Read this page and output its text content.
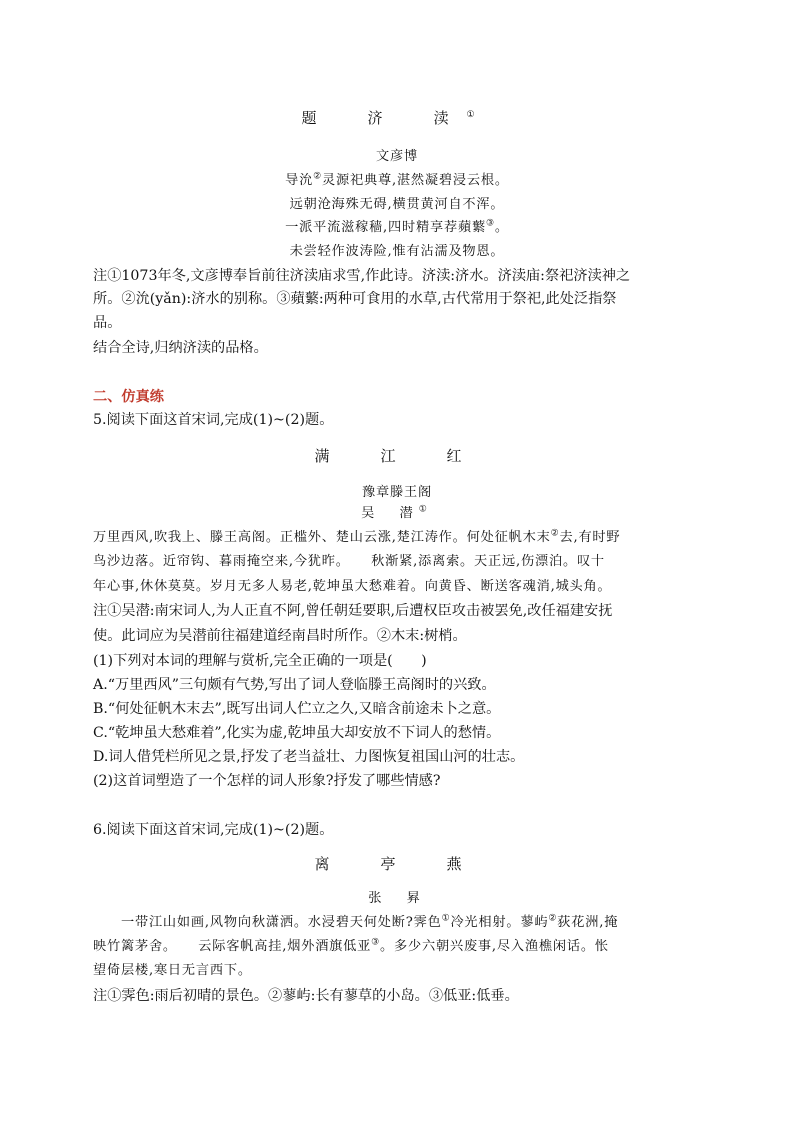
题　济　渎①
文彦博
导沇②灵源祀典尊,湛然凝碧浸云根。
远朝沧海殊无碍,横贯黄河自不浑。
一派平流滋稼穑,四时精享荐蘋蘩③。
未尝轻作波涛险,惟有沾濡及物恩。
注①1073年冬,文彦博奉旨前往济渎庙求雪,作此诗。济渎:济水。济渎庙:祭祀济渎神之
所。②沇(yǎn):济水的别称。③蘋蘩:两种可食用的水草,古代常用于祭祀,此处泛指祭
品。
结合全诗,归纳济渎的品格。
二、仿真练
5.阅读下面这首宋词,完成(1)~(2)题。
满　江　红
豫章滕王阁
吴　潜①
万里西风,吹我上、滕王高阁。正槛外、楚山云涨,楚江涛作。何处征帆木末②去,有时野
鸟沙边落。近帘钩、暮雨掩空来,今犹昨。　　秋渐紧,添离索。天正远,伤漂泊。叹十
年心事,休休莫莫。岁月无多人易老,乾坤虽大愁难着。向黄昏、断送客魂消,城头角。
注①吴潜:南宋词人,为人正直不阿,曾任朝廷要职,后遭权臣攻击被罢免,改任福建安抚
使。此词应为吴潜前往福建道经南昌时所作。②木末:树梢。
(1)下列对本词的理解与赏析,完全正确的一项是(　　)
A.“万里西风”三句颇有气势,写出了词人登临滕王高阁时的兴致。
B.“何处征帆木末去”,既写出词人伫立之久,又暗含前途未卜之意。
C.“乾坤虽大愁难着”,化实为虚,乾坤虽大却安放不下词人的愁情。
D.词人借凭栏所见之景,抒发了老当益壮、力图恢复祖国山河的壮志。
(2)这首词塑造了一个怎样的词人形象?抒发了哪些情感?
6.阅读下面这首宋词,完成(1)~(2)题。
离　亭　燕
张　昪
　　一带江山如画,风物向秋潇洒。水浸碧天何处断?霁色①冷光相射。蓼屿②荻花洲,掩
映竹篱茅舍。　　云际客帆高挂,烟外酒旗低亚③。多少六朝兴废事,尽入渔樵闲话。怅
望倚层楼,寒日无言西下。
注①霁色:雨后初晴的景色。②蓼屿:长有蓼草的小岛。③低亚:低垂。
